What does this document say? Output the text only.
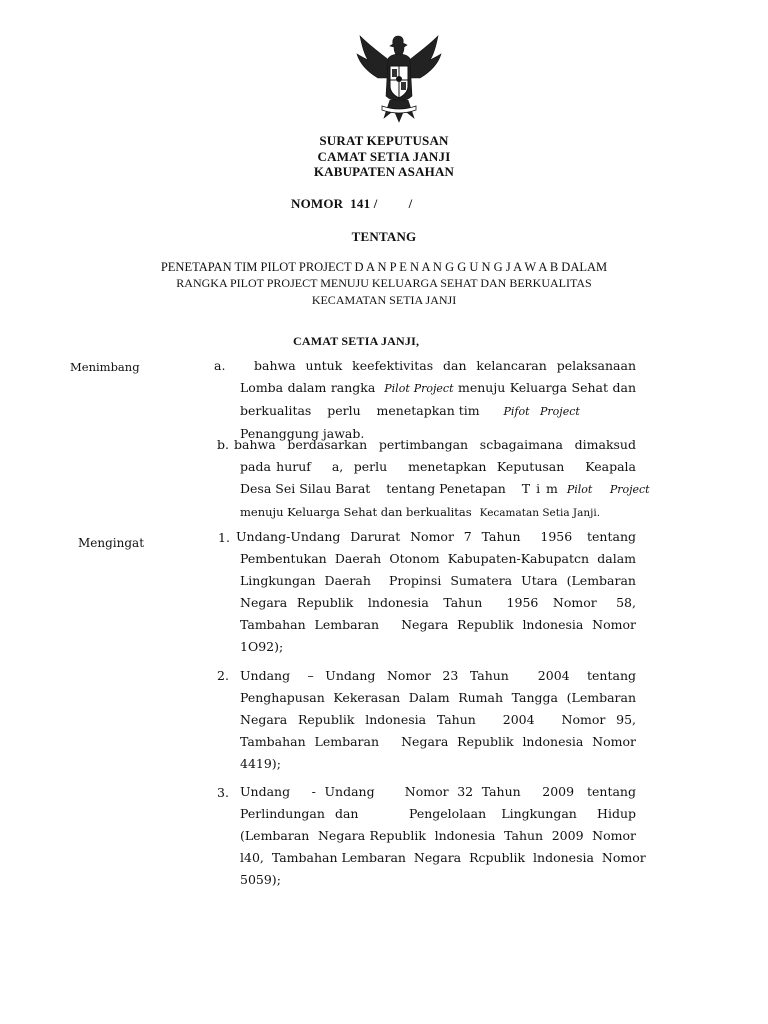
SURAT KEPUTUSAN
CAMAT SETIA JANJI
KABUPATEN ASAHAN
NOMOR  141 /         /
TENTANG
PENETAPAN TIM PILOT PROJECT D A N P E N A N G G U N G J A W A B DALAM
RANGKA PILOT PROJECT MENUJU KELUARGA SEHAT DAN BERKUALITAS
KECAMATAN SETIA JANJI
CAMAT SETIA JANJI,
Menimbang	a.	bahwa untuk keefektivitas dan kelancaran pelaksanaan
Lomba dalam rangka Pilot Project menuju Keluarga Sehat dan
berkualitas    perlu    menetapkan tim Pifot   Project
Penanggung jawab.
b. bahwa berdasarkan pertimbangan scbagaimana dimaksud
pada huruf    a,  perlu    menetapkan  Keputusan    Keapala
Desa Sei Silau Barat    tentang Penetapan T i m Pilot     Project
menuju Keluarga Sehat dan berkualitas Kecamatan Setia Janji.
Mengingat	1. Undang-Undang  Darurat  Nomor  7  Tahun    1956   tentang
Pembentukan Daerah Otonom Kabupaten-Kabupatcn dalam
Lingkungan  Daerah    Propinsi  Sumatera  Utara  (Lembaran
Negara  Republik   lndonesia   Tahun     1956   Nomor    58,
Tambahan  Lembaran     Negara  Republik  lndonesia  Nomor
1O92);
2. Undang   –  Undang  Nomor  23  Tahun     2004   tentang
Penghapusan Kekerasan Dalam Rumah Tangga (Lembaran
Negara  Republik  lndonesia  Tahun     2004     Nomor  95,
Tambahan  Lembaran     Negara  Republik  lndonesia  Nomor
4419);
3. Undang     -  Undang       Nomor  32  Tahun     2009   tentang
Perlindungan  dan          Pengelolaan   Lingkungan    Hidup
(Lembaran  Negara Republik  lndonesia  Tahun  2009  Nomor
l40,  Tambahan Lembaran  Negara  Rcpublik  lndonesia  Nomor
5059);
